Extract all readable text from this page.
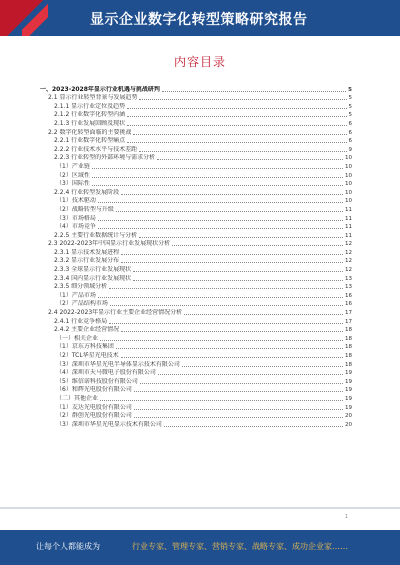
显示企业数字化转型策略研究报告
内容目录
一、2023-2028年显示行业机遇与挑战研判	5
2.1 显示行业转型背景与发展趋势	5
2.1.1 显示行业定位及趋势	5
2.1.2 行业数字化转型内涵	5
2.1.3 行业发展回顾及现状	6
2.2 数字化转型面临的主要挑战	6
2.2.1 行业数字化转型痛点	6
2.2.2 行业技术水平与技术差距	9
2.2.3 行业转型的外部环境与需求分析	10
（1）产业链	10
（2）区域性	10
（3）国际性	10
2.2.4 行业转型发展阶段	10
（1）技术驱动	10
（2）战略转型与升级	11
（3）市场格局	11
（4）市场竞争	11
2.2.5 主要行业数据统计与分析	11
2.3 2022-2023年中国显示行业发展现状分析	12
2.3.1 显示技术发展进程	12
2.3.2 显示行业发展分布	12
2.3.3 全球显示行业发展现状	12
2.3.4 国内显示行业发展现状	13
2.3.5 细分领域分析	13
（1）产品市场	16
（2）产品结构市场	16
2.4 2022-2023年显示行业主要企业经营情况分析	17
2.4.1 行业竞争格局	17
2.4.2 主要企业经营情况	18
（一）相关企业	18
（1）京东方科技集团	18
（2）TCL华星光电技术	18
（3）深圳市华星光电半导体显示技术有限公司	18
（4）深圳市天马微电子股份有限公司	19
（5）维信诺科技股份有限公司	19
（6）和辉光电股份有限公司	19
（二）其他企业	19
（1）友达光电股份有限公司	19
（2）群创光电股份有限公司	20
（3）深圳市华星光电显示技术有限公司	20
1
让每个人都能成为	行业专家、管理专家、营销专家、战略专家、成功企业家……
